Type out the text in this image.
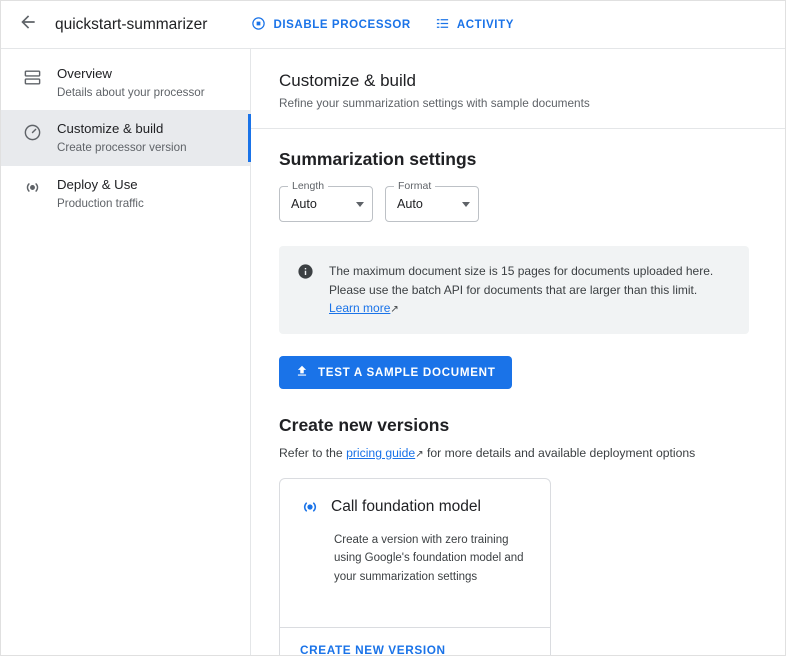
quickstart-summarizer	DISABLE PROCESSOR	ACTIVITY
Overview
Details about your processor
Customize & build
Create processor version
Deploy & Use
Production traffic
Customize & build

Refine your summarization settings with sample documents

Summarization settings
Length
Auto
Format
Auto
The maximum document size is 15 pages for documents uploaded here. Please use the batch API for documents that are larger than this limit.
Learn more↗
TEST A SAMPLE DOCUMENT
Create new versions

Refer to the pricing guide↗ for more details and available deployment options

Call foundation model
Create a version with zero training using Google's foundation model and your summarization settings
CREATE NEW VERSION
